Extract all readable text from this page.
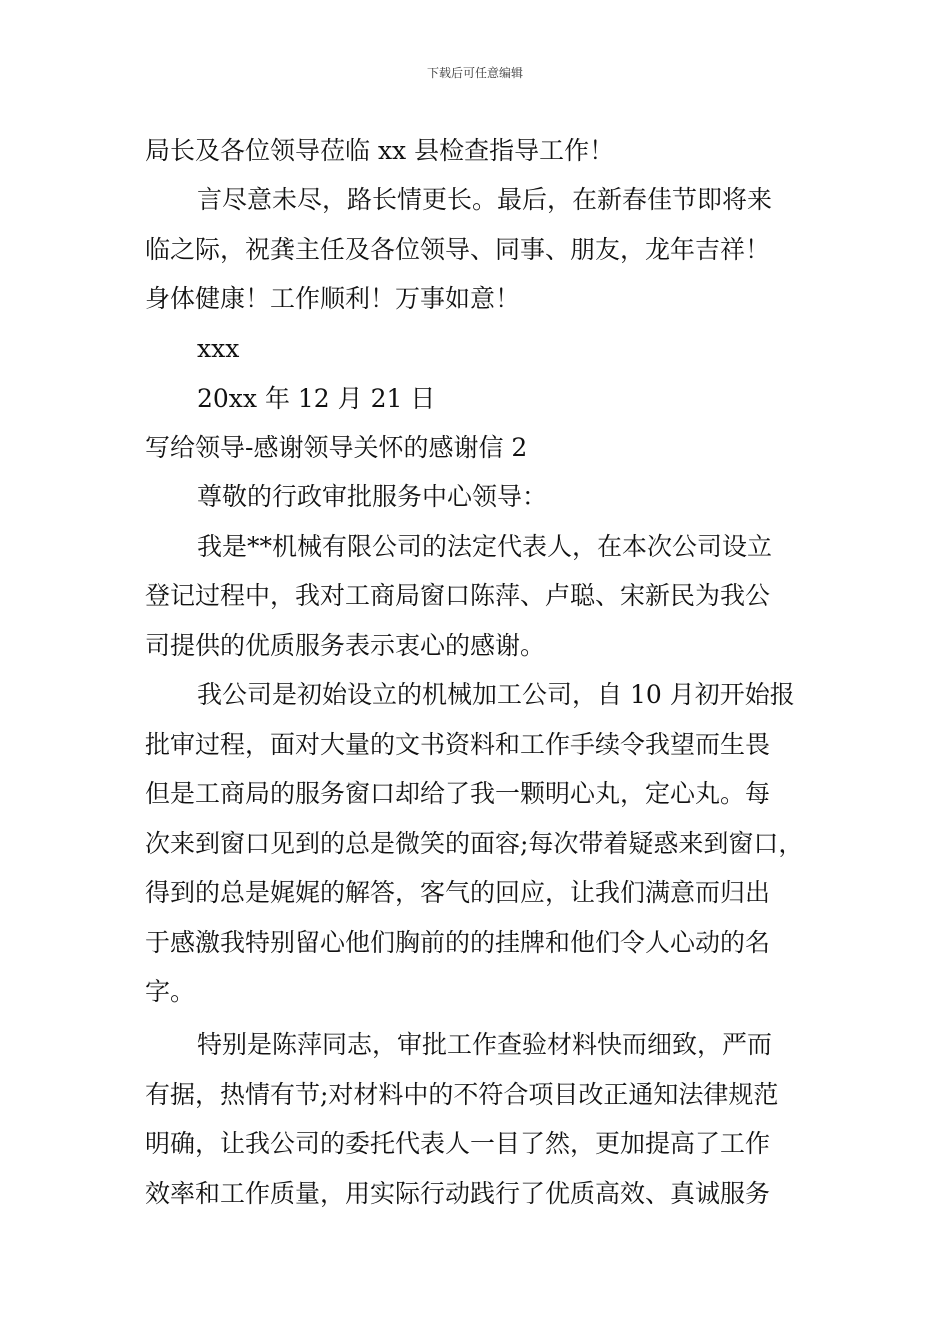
下载后可任意编辑
局长及各位领导莅临 xx 县检查指导工作！
言尽意未尽，路长情更长。最后，在新春佳节即将来
临之际，祝龚主任及各位领导、同事、朋友，龙年吉祥！
身体健康！工作顺利！万事如意！
xxx
20xx 年 12 月 21 日
写给领导-感谢领导关怀的感谢信 2
尊敬的行政审批服务中心领导：
我是**机械有限公司的法定代表人，在本次公司设立
登记过程中，我对工商局窗口陈萍、卢聪、宋新民为我公
司提供的优质服务表示衷心的感谢。
我公司是初始设立的机械加工公司，自 10 月初开始报
批审过程，面对大量的文书资料和工作手续令我望而生畏
但是工商局的服务窗口却给了我一颗明心丸，定心丸。每
次来到窗口见到的总是微笑的面容;每次带着疑惑来到窗口，
得到的总是娓娓的解答，客气的回应，让我们满意而归出
于感激我特别留心他们胸前的的挂牌和他们令人心动的名
字。
特别是陈萍同志，审批工作查验材料快而细致，严而
有据，热情有节;对材料中的不符合项目改正通知法律规范
明确，让我公司的委托代表人一目了然，更加提高了工作
效率和工作质量，用实际行动践行了优质高效、真诚服务
